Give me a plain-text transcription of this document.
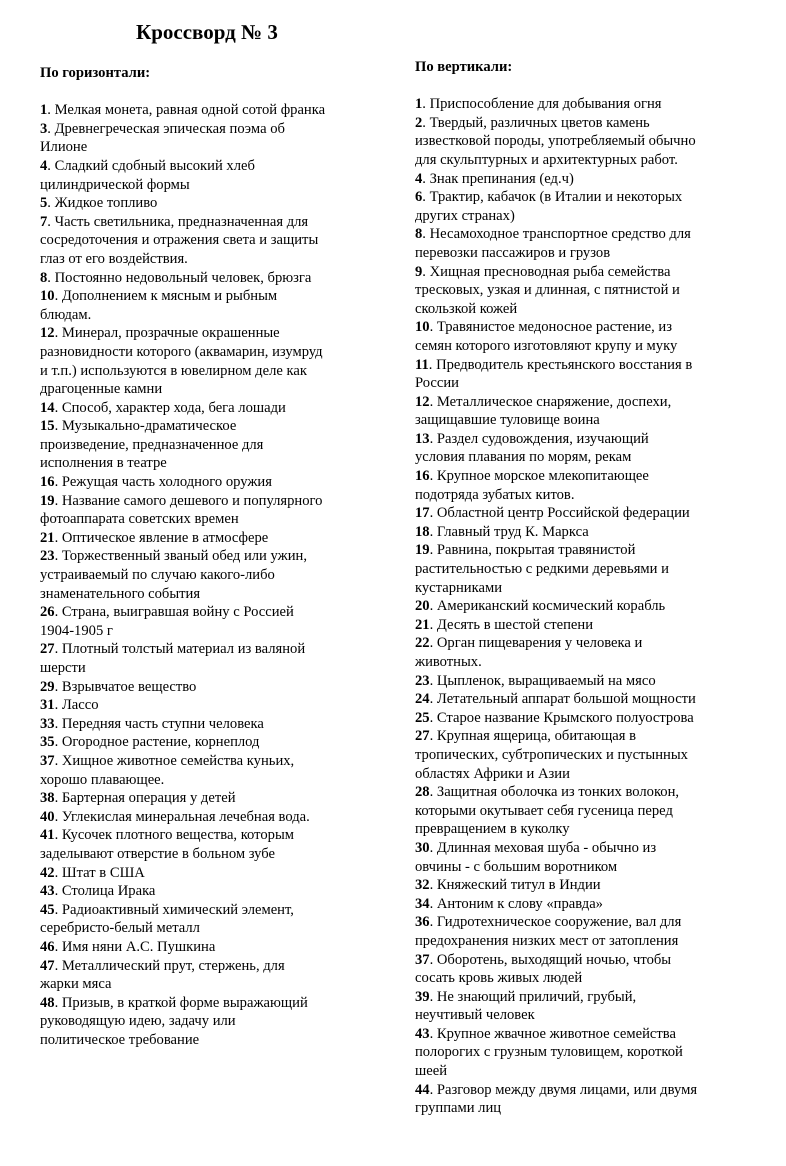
Кроссворд № 3
По горизонтали:

1. Мелкая монета, равная одной сотой франка

3. Древнегреческая эпическая поэма об
Илионе

4. Сладкий сдобный высокий хлеб
цилиндрической формы

5. Жидкое топливо

7. Часть светильника, предназначенная для
сосредоточения и отражения света и защиты
глаз от его воздействия.

8. Постоянно недовольный человек, брюзга

10. Дополнением к мясным и рыбным
блюдам.

12. Минерал, прозрачные окрашенные
разновидности которого (аквамарин, изумруд
и т.п.) используются в ювелирном деле как
драгоценные камни

14. Способ, характер хода, бега лошади

15. Музыкально-драматическое
произведение, предназначенное для
исполнения в театре

16. Режущая часть холодного оружия

19. Название самого дешевого и популярного
фотоаппарата советских времен

21. Оптическое явление в атмосфере

23. Торжественный званый обед или ужин,
устраиваемый по случаю какого-либо
знаменательного события

26. Страна, выигравшая войну с Россией
1904-1905 г

27. Плотный толстый материал из валяной
шерсти

29. Взрывчатое вещество

31. Лассо

33. Передняя часть ступни человека

35. Огородное растение, корнеплод

37. Хищное животное семейства куньих,
хорошо плавающее.

38. Бартерная операция у детей

40. Углекислая минеральная лечебная вода.

41. Кусочек плотного вещества, которым
заделывают отверстие в больном зубе

42. Штат в США

43. Столица Ирака

45. Радиоактивный химический элемент,
серебристо-белый металл

46. Имя няни А.С. Пушкина

47. Металлический прут, стержень, для
жарки мяса

48. Призыв, в краткой форме выражающий
руководящую идею, задачу или
политическое требование

По вертикали:

1. Приспособление для добывания огня

2. Твердый, различных цветов камень
известковой породы, употребляемый обычно
для скульптурных и архитектурных работ.

4. Знак препинания (ед.ч)

6. Трактир, кабачок (в Италии и некоторых
других странах)

8. Несамоходное транспортное средство для
перевозки пассажиров и грузов

9. Хищная пресноводная рыба семейства
тресковых, узкая и длинная, с пятнистой и
скользкой кожей

10. Травянистое медоносное растение, из
семян которого изготовляют крупу и муку

11. Предводитель крестьянского восстания в
России

12. Металлическое снаряжение, доспехи,
защищавшие туловище воина

13. Раздел судовождения, изучающий
условия плавания по морям, рекам

16. Крупное морское млекопитающее
подотряда зубатых китов.

17. Областной центр Российской федерации

18. Главный труд К. Маркса

19. Равнина, покрытая травянистой
растительностью с редкими деревьями и
кустарниками

20. Американский космический корабль

21. Десять в шестой степени

22. Орган пищеварения у человека и
животных.

23. Цыпленок, выращиваемый на мясо

24. Летательный аппарат большой мощности

25. Старое название Крымского полуострова

27. Крупная ящерица, обитающая в
тропических, субтропических и пустынных
областях Африки и Азии

28. Защитная оболочка из тонких волокон,
которыми окутывает себя гусеница перед
превращением в куколку

30. Длинная меховая шуба - обычно из
овчины - с большим воротником

32. Княжеский титул в Индии

34. Антоним к слову «правда»

36. Гидротехническое сооружение, вал для
предохранения низких мест от затопления

37. Оборотень, выходящий ночью, чтобы
сосать кровь живых людей

39. Не знающий приличий, грубый,
неучтивый человек

43. Крупное жвачное животное семейства
полорогих с грузным туловищем, короткой
шеей

44. Разговор между двумя лицами, или двумя
группами лиц
